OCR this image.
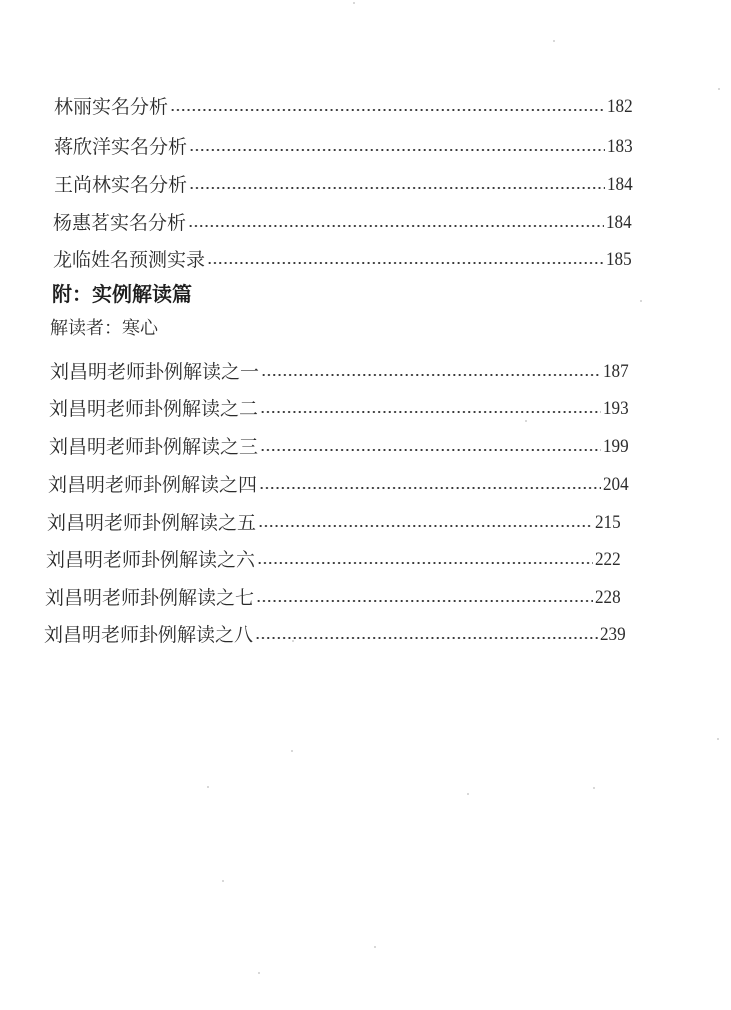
林丽实名分析	182
蒋欣洋实名分析	183
王尚林实名分析	184
杨惠茗实名分析	184
龙临姓名预测实录	185
附：实例解读篇
解读者：寒心
刘昌明老师卦例解读之一	187
刘昌明老师卦例解读之二	193
刘昌明老师卦例解读之三	199
刘昌明老师卦例解读之四	204
刘昌明老师卦例解读之五	215
刘昌明老师卦例解读之六	222
刘昌明老师卦例解读之七	228
刘昌明老师卦例解读之八	239
